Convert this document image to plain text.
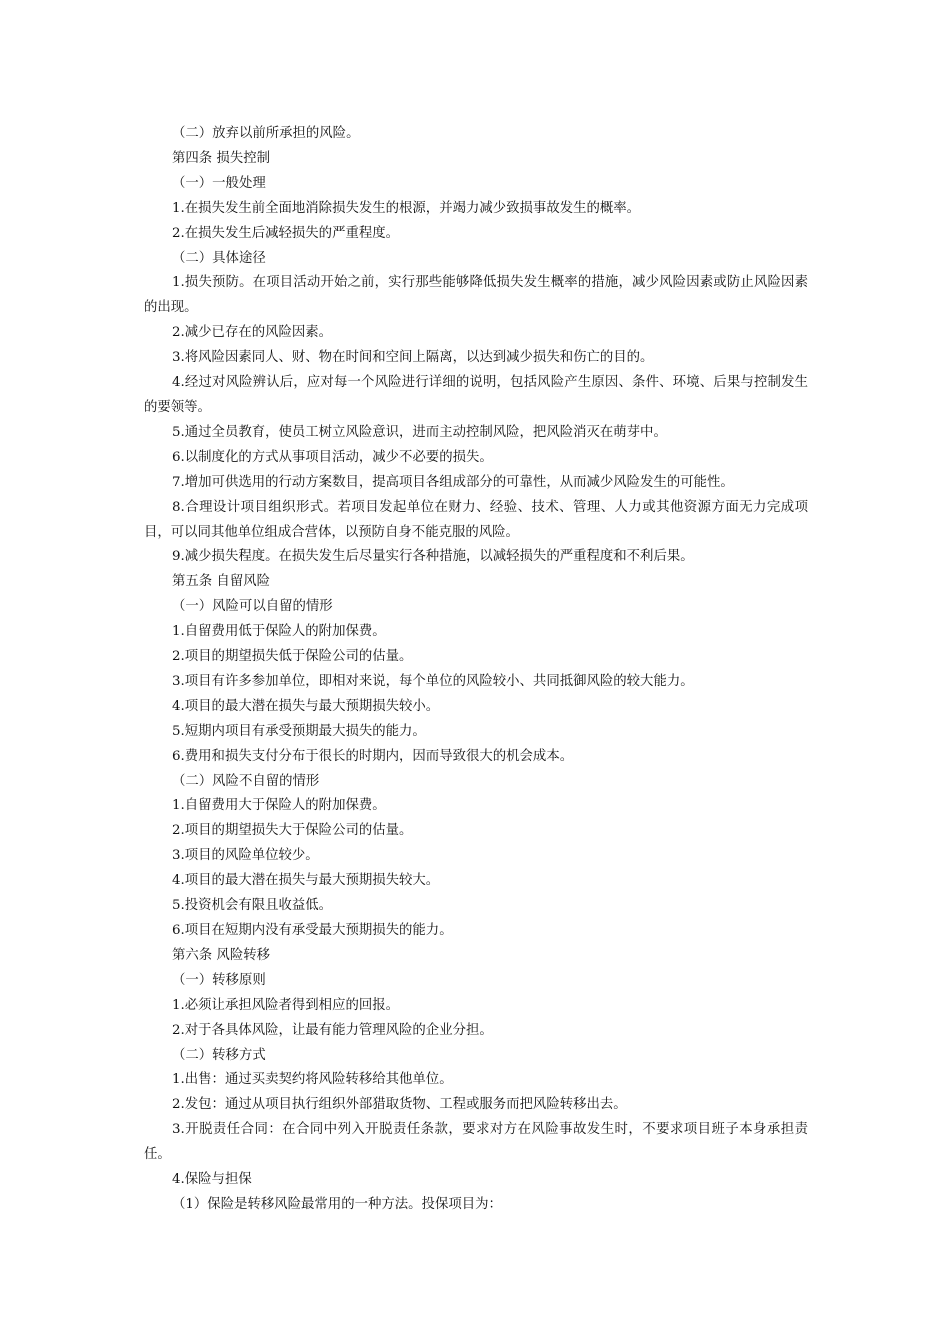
（二）放弃以前所承担的风险。

第四条 损失控制

（一）一般处理

1.在损失发生前全面地消除损失发生的根源，并竭力减少致损事故发生的概率。

2.在损失发生后减轻损失的严重程度。

（二）具体途径

1.损失预防。在项目活动开始之前，实行那些能够降低损失发生概率的措施，减少风险因素或防止风险因素的出现。

2.减少已存在的风险因素。

3.将风险因素同人、财、物在时间和空间上隔离，以达到减少损失和伤亡的目的。

4.经过对风险辨认后，应对每一个风险进行详细的说明，包括风险产生原因、条件、环境、后果与控制发生的要领等。

5.通过全员教育，使员工树立风险意识，进而主动控制风险，把风险消灭在萌芽中。

6.以制度化的方式从事项目活动，减少不必要的损失。

7.增加可供选用的行动方案数目，提高项目各组成部分的可靠性，从而减少风险发生的可能性。

8.合理设计项目组织形式。若项目发起单位在财力、经验、技术、管理、人力或其他资源方面无力完成项目，可以同其他单位组成合营体，以预防自身不能克服的风险。

9.减少损失程度。在损失发生后尽量实行各种措施，以减轻损失的严重程度和不利后果。

第五条 自留风险

（一）风险可以自留的情形

1.自留费用低于保险人的附加保费。

2.项目的期望损失低于保险公司的估量。

3.项目有许多参加单位，即相对来说，每个单位的风险较小、共同抵御风险的较大能力。

4.项目的最大潜在损失与最大预期损失较小。

5.短期内项目有承受预期最大损失的能力。

6.费用和损失支付分布于很长的时期内，因而导致很大的机会成本。

（二）风险不自留的情形

1.自留费用大于保险人的附加保费。

2.项目的期望损失大于保险公司的估量。

3.项目的风险单位较少。

4.项目的最大潜在损失与最大预期损失较大。

5.投资机会有限且收益低。

6.项目在短期内没有承受最大预期损失的能力。

第六条 风险转移

（一）转移原则

1.必须让承担风险者得到相应的回报。

2.对于各具体风险，让最有能力管理风险的企业分担。

（二）转移方式

1.出售：通过买卖契约将风险转移给其他单位。

2.发包：通过从项目执行组织外部猎取货物、工程或服务而把风险转移出去。

3.开脱责任合同：在合同中列入开脱责任条款，要求对方在风险事故发生时，不要求项目班子本身承担责任。

4.保险与担保

（1）保险是转移风险最常用的一种方法。投保项目为：
